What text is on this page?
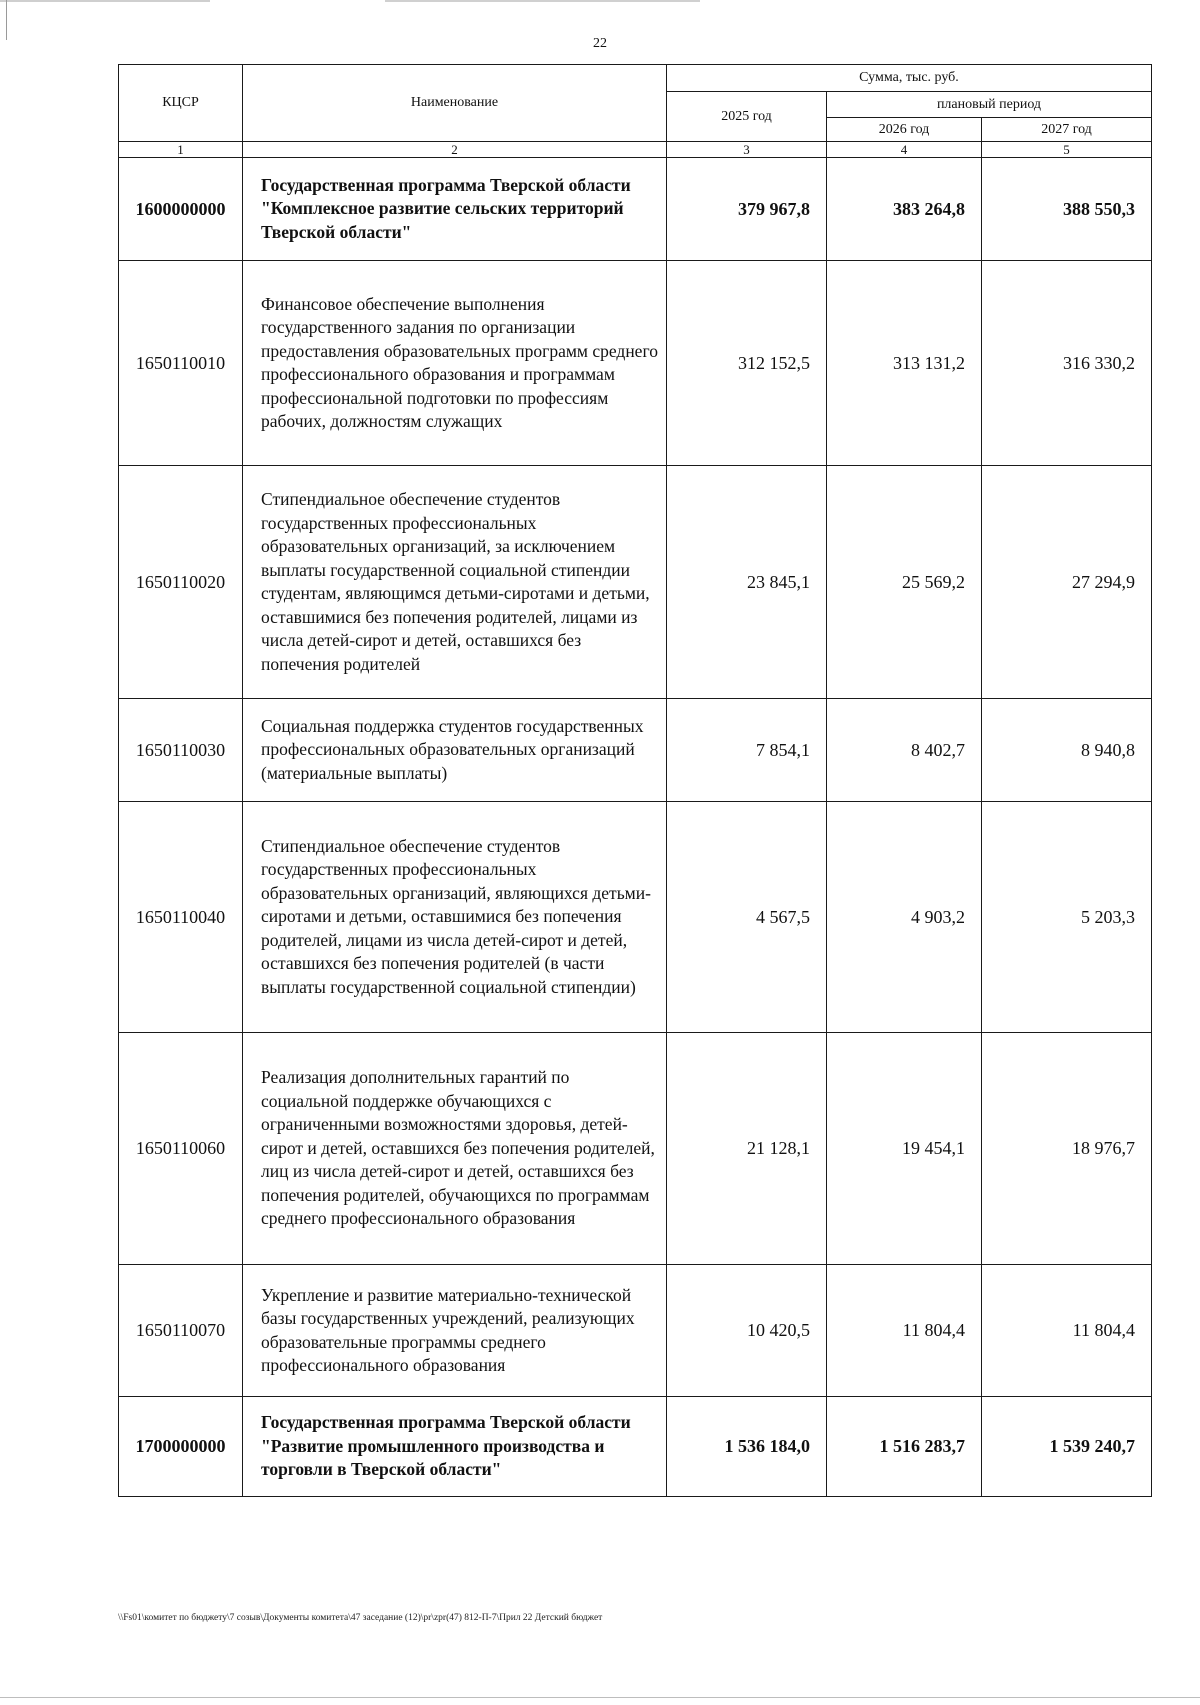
22
КЦСР	Наименование	Сумма, тыс. руб.		
		2025 год	плановый период	
			2026 год	2027 год
1	2	3	4	5
1600000000	Государственная программа Тверской области "Комплексное развитие сельских территорий Тверской области"	379 967,8	383 264,8	388 550,3
1650110010	Финансовое обеспечение выполнения государственного задания по организации предоставления образовательных программ среднего профессионального образования и программам профессиональной подготовки по профессиям рабочих, должностям служащих	312 152,5	313 131,2	316 330,2
1650110020	Стипендиальное обеспечение студентов государственных профессиональных образовательных организаций, за исключением выплаты государственной социальной стипендии студентам, являющимся детьми-сиротами и детьми, оставшимися без попечения родителей, лицами из числа детей-сирот и детей, оставшихся без попечения родителей	23 845,1	25 569,2	27 294,9
1650110030	Социальная поддержка студентов государственных профессиональных образовательных организаций (материальные выплаты)	7 854,1	8 402,7	8 940,8
1650110040	Стипендиальное обеспечение студентов государственных профессиональных образовательных организаций, являющихся детьми-сиротами и детьми, оставшимися без попечения родителей, лицами из числа детей-сирот и детей, оставшихся без попечения родителей (в части выплаты государственной социальной стипендии)	4 567,5	4 903,2	5 203,3
1650110060	Реализация дополнительных гарантий по социальной поддержке обучающихся с ограниченными возможностями здоровья, детей-сирот и детей, оставшихся без попечения родителей, лиц из числа детей-сирот и детей, оставшихся без попечения родителей, обучающихся по программам среднего профессионального образования	21 128,1	19 454,1	18 976,7
1650110070	Укрепление и развитие материально-технической базы государственных учреждений, реализующих образовательные программы среднего профессионального образования	10 420,5	11 804,4	11 804,4
1700000000	Государственная программа Тверской области "Развитие промышленного производства и торговли в Тверской области"	1 536 184,0	1 516 283,7	1 539 240,7
\\Fs01\комитет по бюджету\7 созыв\Документы комитета\47 заседание (12)\pr\zpr(47) 812-П-7\Прил 22 Детский бюджет
